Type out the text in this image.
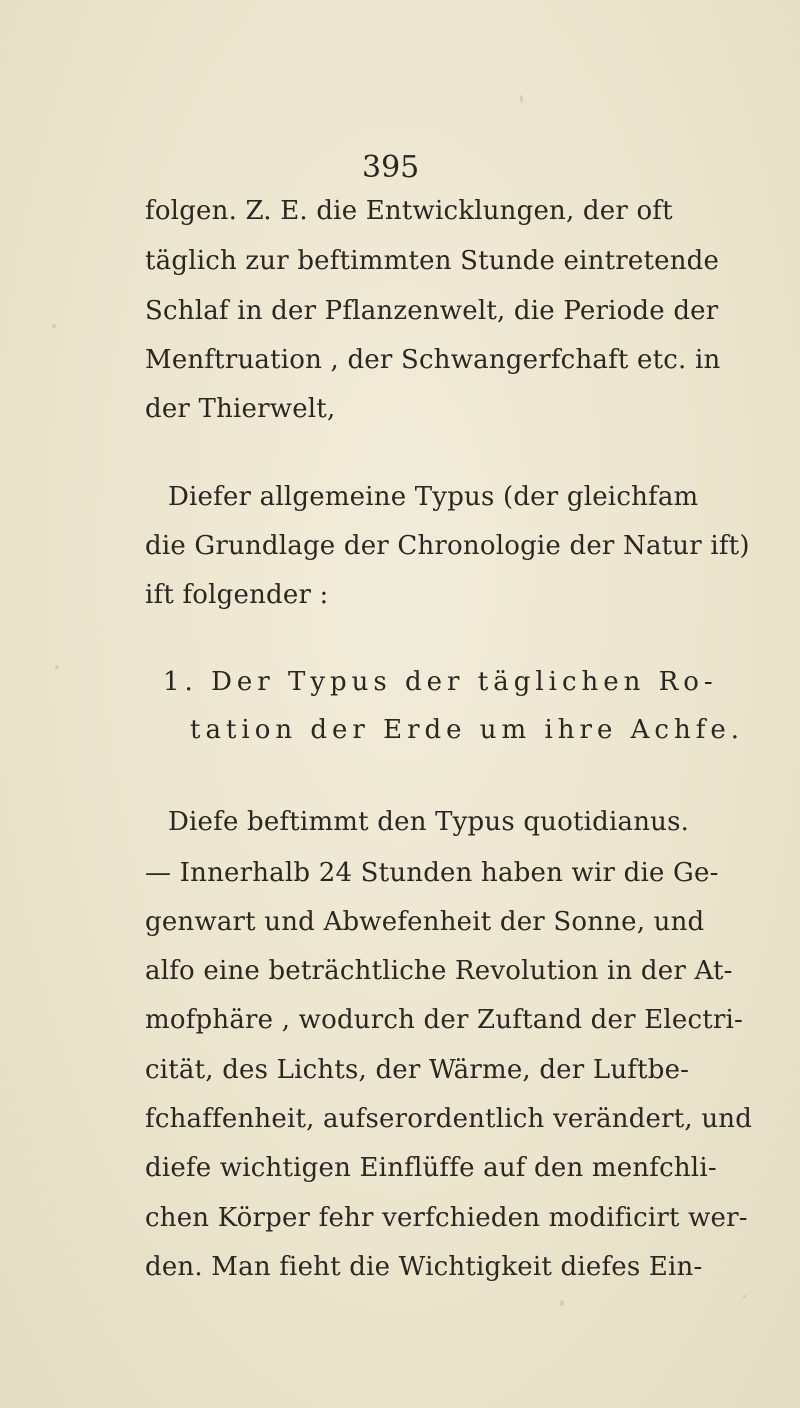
395
folgen. Z. E. die Entwicklungen, der oft
täglich zur beftimmten Stunde eintretende
Schlaf in der Pflanzenwelt, die Periode der
Menftruation , der Schwangerfchaft etc. in
der Thierwelt,
Diefer allgemeine Typus (der gleichfam
die Grundlage der Chronologie der Natur ift)
ift folgender :
1. Der Typus der täglichen Ro-
tation der Erde um ihre Achfe.
Diefe beftimmt den Typus quotidianus.
— Innerhalb 24 Stunden haben wir die Ge-
genwart und Abwefenheit der Sonne, und
alfo eine beträchtliche Revolution in der At-
mofphäre , wodurch der Zuftand der Electri-
cität, des Lichts, der Wärme, der Luftbe-
fchaffenheit, aufserordentlich verändert, und
diefe wichtigen Einflüffe auf den menfchli-
chen Körper fehr verfchieden modificirt wer-
den. Man fieht die Wichtigkeit diefes Ein-
